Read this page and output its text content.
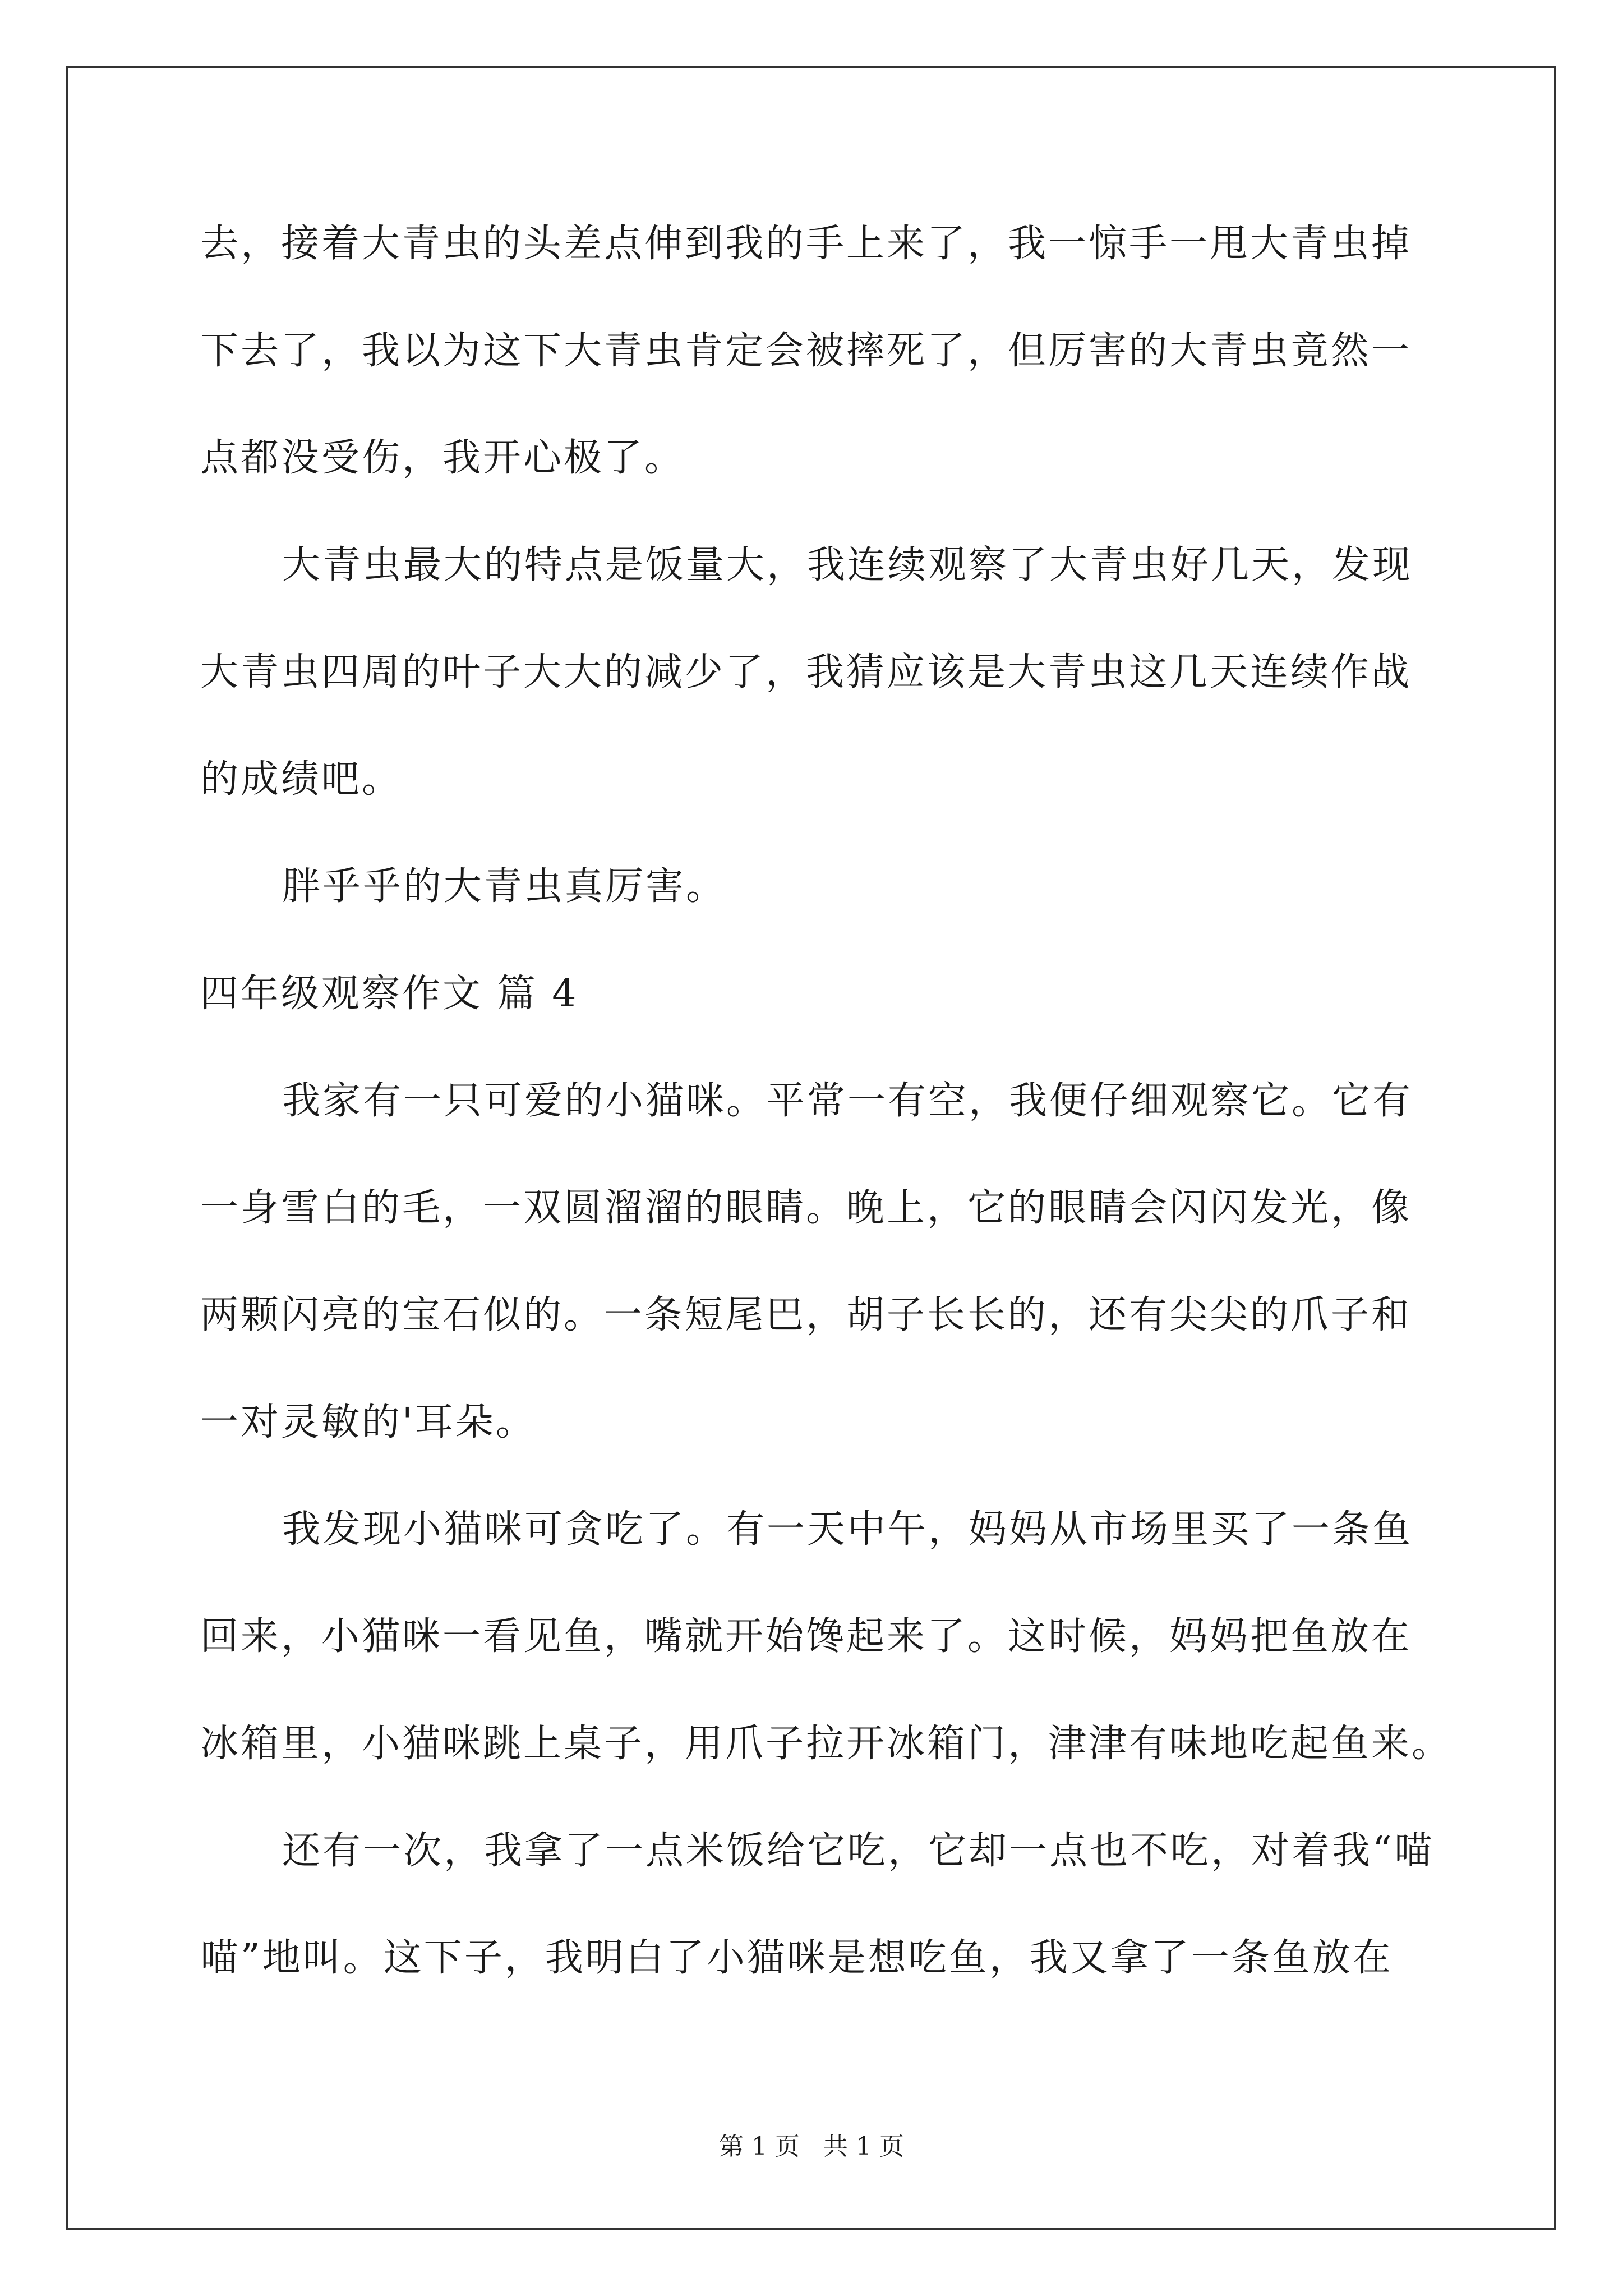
去，接着大青虫的头差点伸到我的手上来了，我一惊手一甩大青虫掉
下去了，我以为这下大青虫肯定会被摔死了，但厉害的大青虫竟然一
点都没受伤，我开心极了。
大青虫最大的特点是饭量大，我连续观察了大青虫好几天，发现
大青虫四周的叶子大大的减少了，我猜应该是大青虫这几天连续作战
的成绩吧。
胖乎乎的大青虫真厉害。
四年级观察作文 篇 4
我家有一只可爱的小猫咪。平常一有空，我便仔细观察它。它有
一身雪白的毛，一双圆溜溜的眼睛。晚上，它的眼睛会闪闪发光，像
两颗闪亮的宝石似的。一条短尾巴，胡子长长的，还有尖尖的爪子和
一对灵敏的'耳朵。
我发现小猫咪可贪吃了。有一天中午，妈妈从市场里买了一条鱼
回来，小猫咪一看见鱼，嘴就开始馋起来了。这时候，妈妈把鱼放在
冰箱里，小猫咪跳上桌子，用爪子拉开冰箱门，津津有味地吃起鱼来。
还有一次，我拿了一点米饭给它吃，它却一点也不吃，对着我“喵
喵”地叫。这下子，我明白了小猫咪是想吃鱼，我又拿了一条鱼放在
第 1 页   共 1 页
